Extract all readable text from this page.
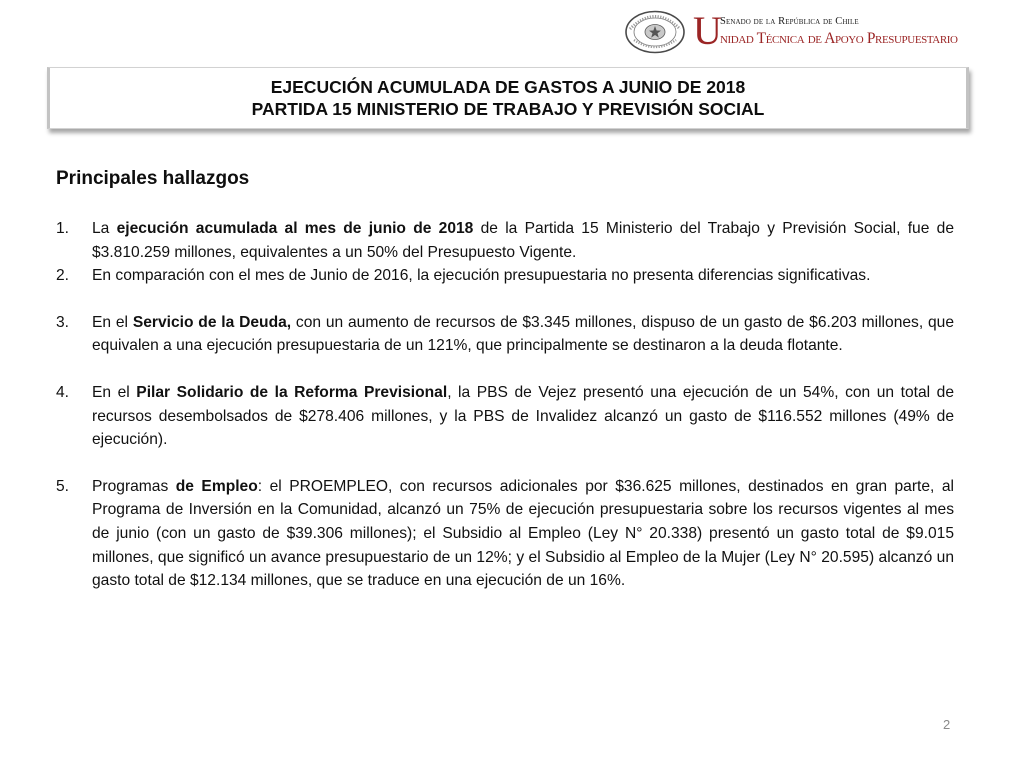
U
Senado de la República de Chile
nidad Técnica de Apoyo Presupuestario
EJECUCIÓN ACUMULADA DE GASTOS A JUNIO DE 2018
PARTIDA 15 MINISTERIO DE TRABAJO Y PREVISIÓN SOCIAL
Principales hallazgos
1. La ejecución acumulada al mes de junio de 2018 de la Partida 15 Ministerio del Trabajo y Previsión Social, fue de $3.810.259 millones, equivalentes a un 50% del Presupuesto Vigente.
2. En comparación con el mes de Junio de 2016, la ejecución presupuestaria no presenta diferencias significativas.
3. En el Servicio de la Deuda, con un aumento de recursos de $3.345 millones, dispuso de un gasto de $6.203 millones, que equivalen a una ejecución presupuestaria de un 121%, que principalmente se destinaron a la deuda flotante.
4. En el Pilar Solidario de la Reforma Previsional, la PBS de Vejez presentó una ejecución de un 54%, con un total de recursos desembolsados de $278.406 millones, y la PBS de Invalidez alcanzó un gasto de $116.552 millones (49% de ejecución).
5. Programas de Empleo: el PROEMPLEO, con recursos adicionales por $36.625 millones, destinados en gran parte, al Programa de Inversión en la Comunidad, alcanzó un 75% de ejecución presupuestaria sobre los recursos vigentes al mes de junio (con un gasto de $39.306 millones); el Subsidio al Empleo (Ley N° 20.338) presentó un gasto total de $9.015 millones, que significó un avance presupuestario de un 12%; y el Subsidio al Empleo de la Mujer (Ley N° 20.595) alcanzó un gasto total de $12.134 millones, que se traduce en una ejecución de un 16%.
2
